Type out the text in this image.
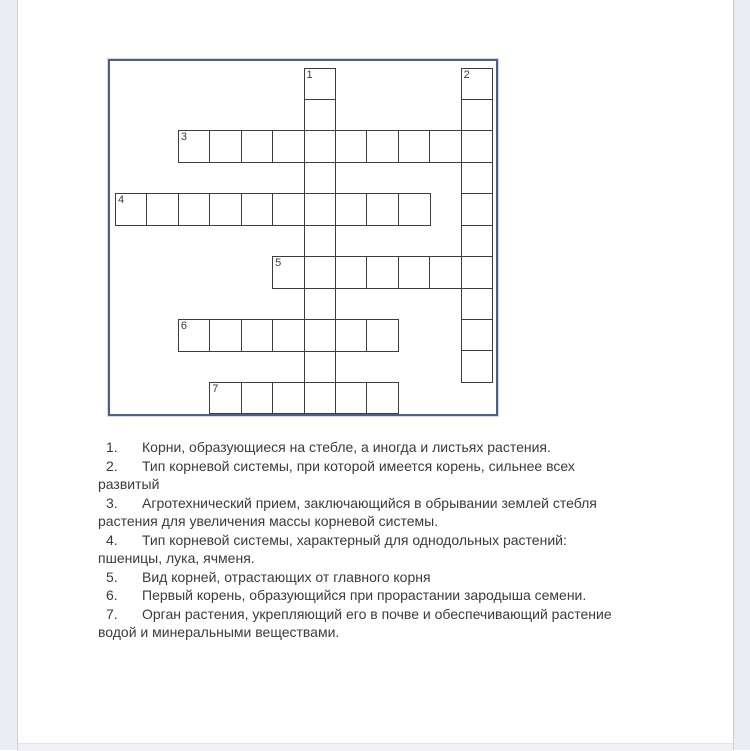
1	2
3
4
5
6
7
1. Корни, образующиеся на стебле, а иногда и листьях растения.
2. Тип корневой системы, при которой имеется корень, сильнее всех развитый
3. Агротехнический прием, заключающийся в обрывании землей стебля растения для увеличения массы корневой системы.
4. Тип корневой системы, характерный для однодольных растений: пшеницы, лука, ячменя.
5. Вид корней, отрастающих от главного корня
6. Первый корень, образующийся при прорастании зародыша семени.
7. Орган растения, укрепляющий его в почве и обеспечивающий растение водой и минеральными веществами.
